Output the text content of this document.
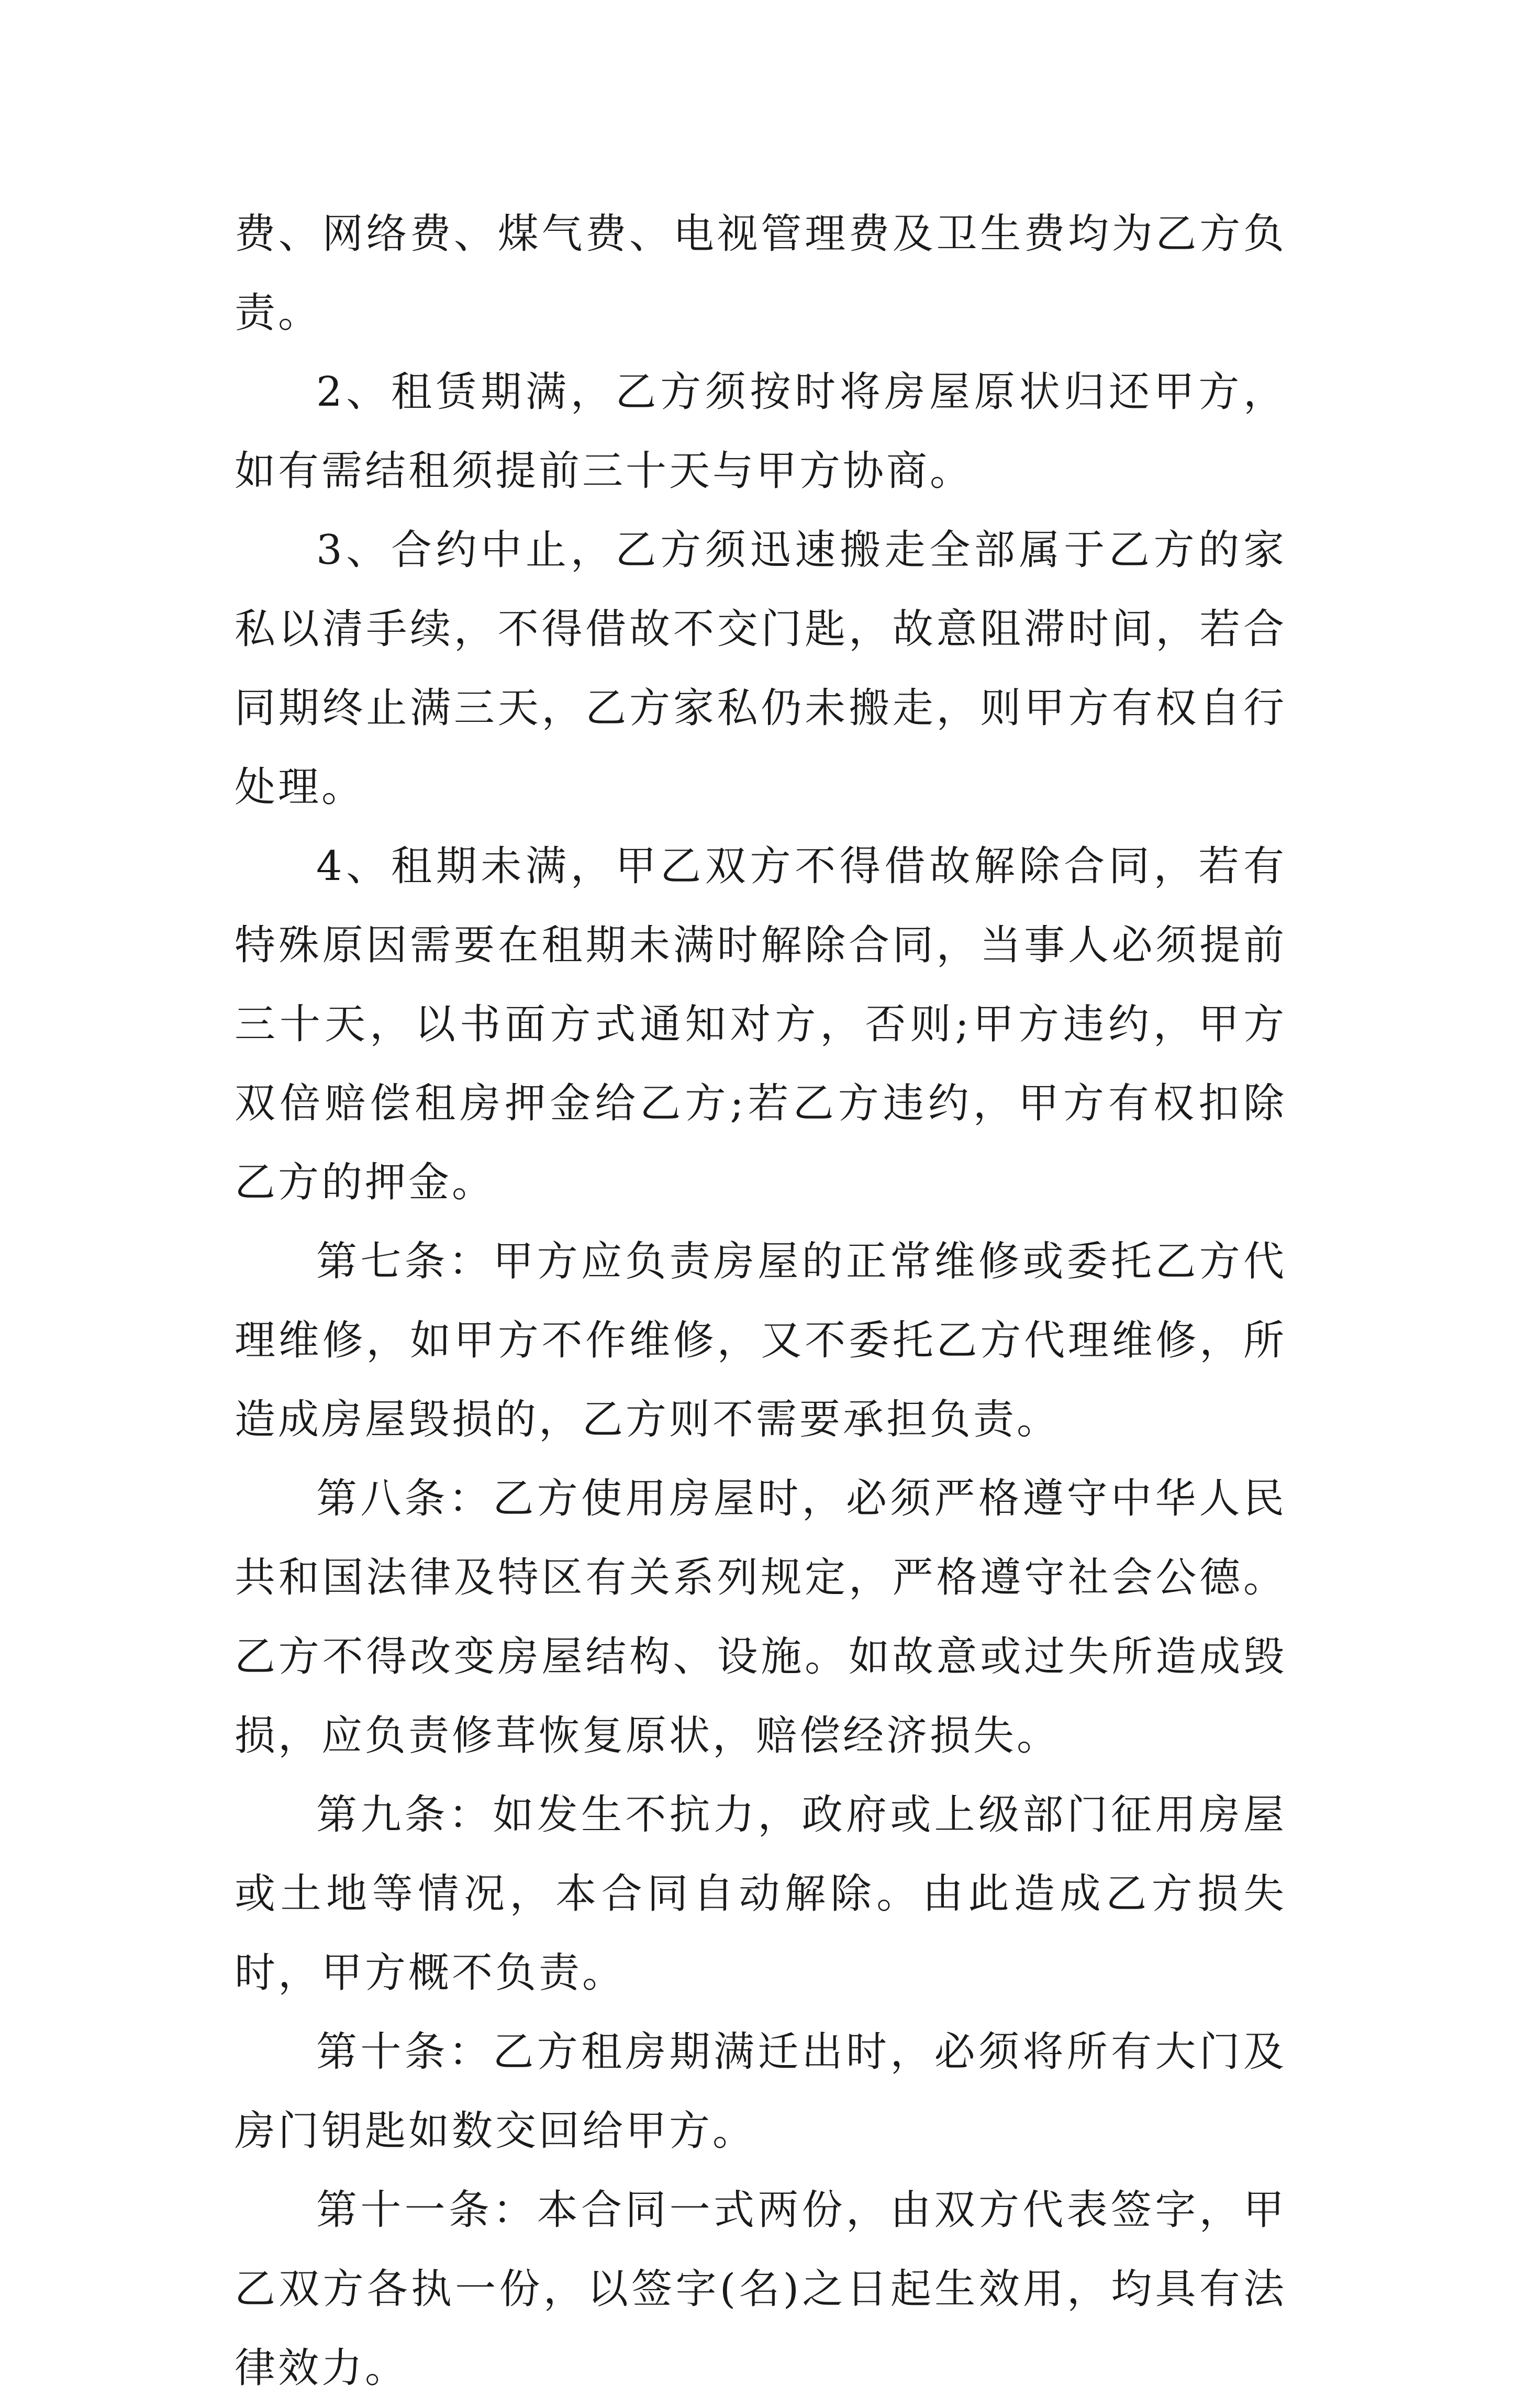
费、网络费、煤气费、电视管理费及卫生费均为乙方负责。

2、租赁期满，乙方须按时将房屋原状归还甲方，如有需结租须提前三十天与甲方协商。

3、合约中止，乙方须迅速搬走全部属于乙方的家私以清手续，不得借故不交门匙，故意阻滞时间，若合同期终止满三天，乙方家私仍未搬走，则甲方有权自行处理。

4、租期未满，甲乙双方不得借故解除合同，若有特殊原因需要在租期未满时解除合同，当事人必须提前三十天，以书面方式通知对方，否则;甲方违约，甲方双倍赔偿租房押金给乙方;若乙方违约，甲方有权扣除乙方的押金。

第七条：甲方应负责房屋的正常维修或委托乙方代理维修，如甲方不作维修，又不委托乙方代理维修，所造成房屋毁损的，乙方则不需要承担负责。

第八条：乙方使用房屋时，必须严格遵守中华人民共和国法律及特区有关系列规定，严格遵守社会公德。乙方不得改变房屋结构、设施。如故意或过失所造成毁损，应负责修茸恢复原状，赔偿经济损失。

第九条：如发生不抗力，政府或上级部门征用房屋或土地等情况，本合同自动解除。由此造成乙方损失时，甲方概不负责。

第十条：乙方租房期满迁出时，必须将所有大门及房门钥匙如数交回给甲方。

第十一条：本合同一式两份，由双方代表签字，甲乙双方各执一份，以签字(名)之日起生效用，均具有法律效力。
